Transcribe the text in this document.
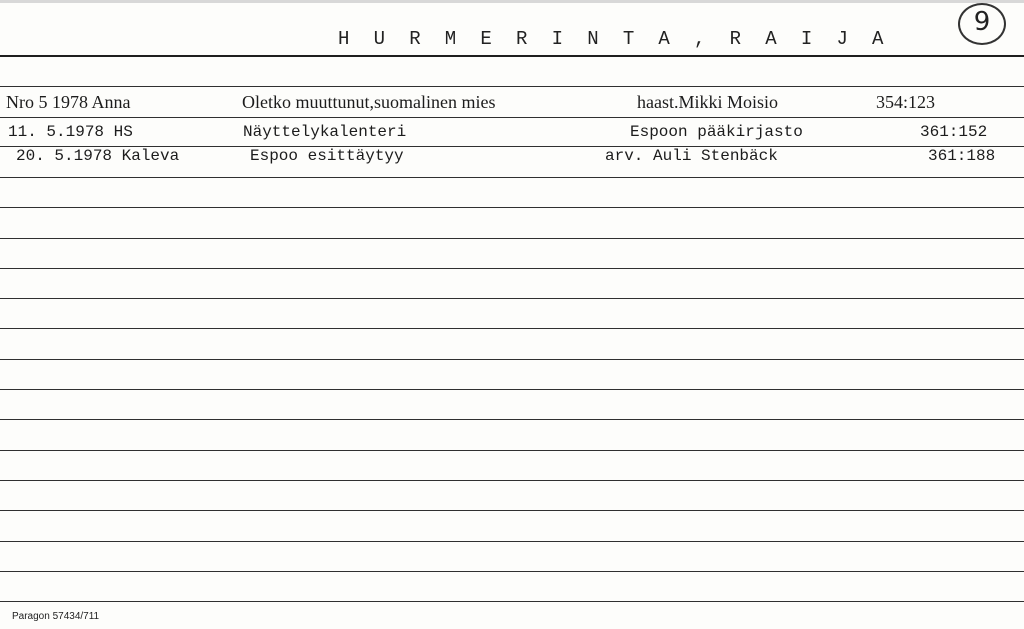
H U R M E R I N T A , R A I J A
9
Nro 5 1978 Anna	Oletko muuttunut,suomalinen mies	haast.Mikki Moisio	354:123
11. 5.1978 HS	Näyttelykalenteri	Espoon pääkirjasto	361:152
20. 5.1978 Kaleva	Espoo esittäytyy	arv. Auli Stenbäck	361:188
Paragon 57434/711
